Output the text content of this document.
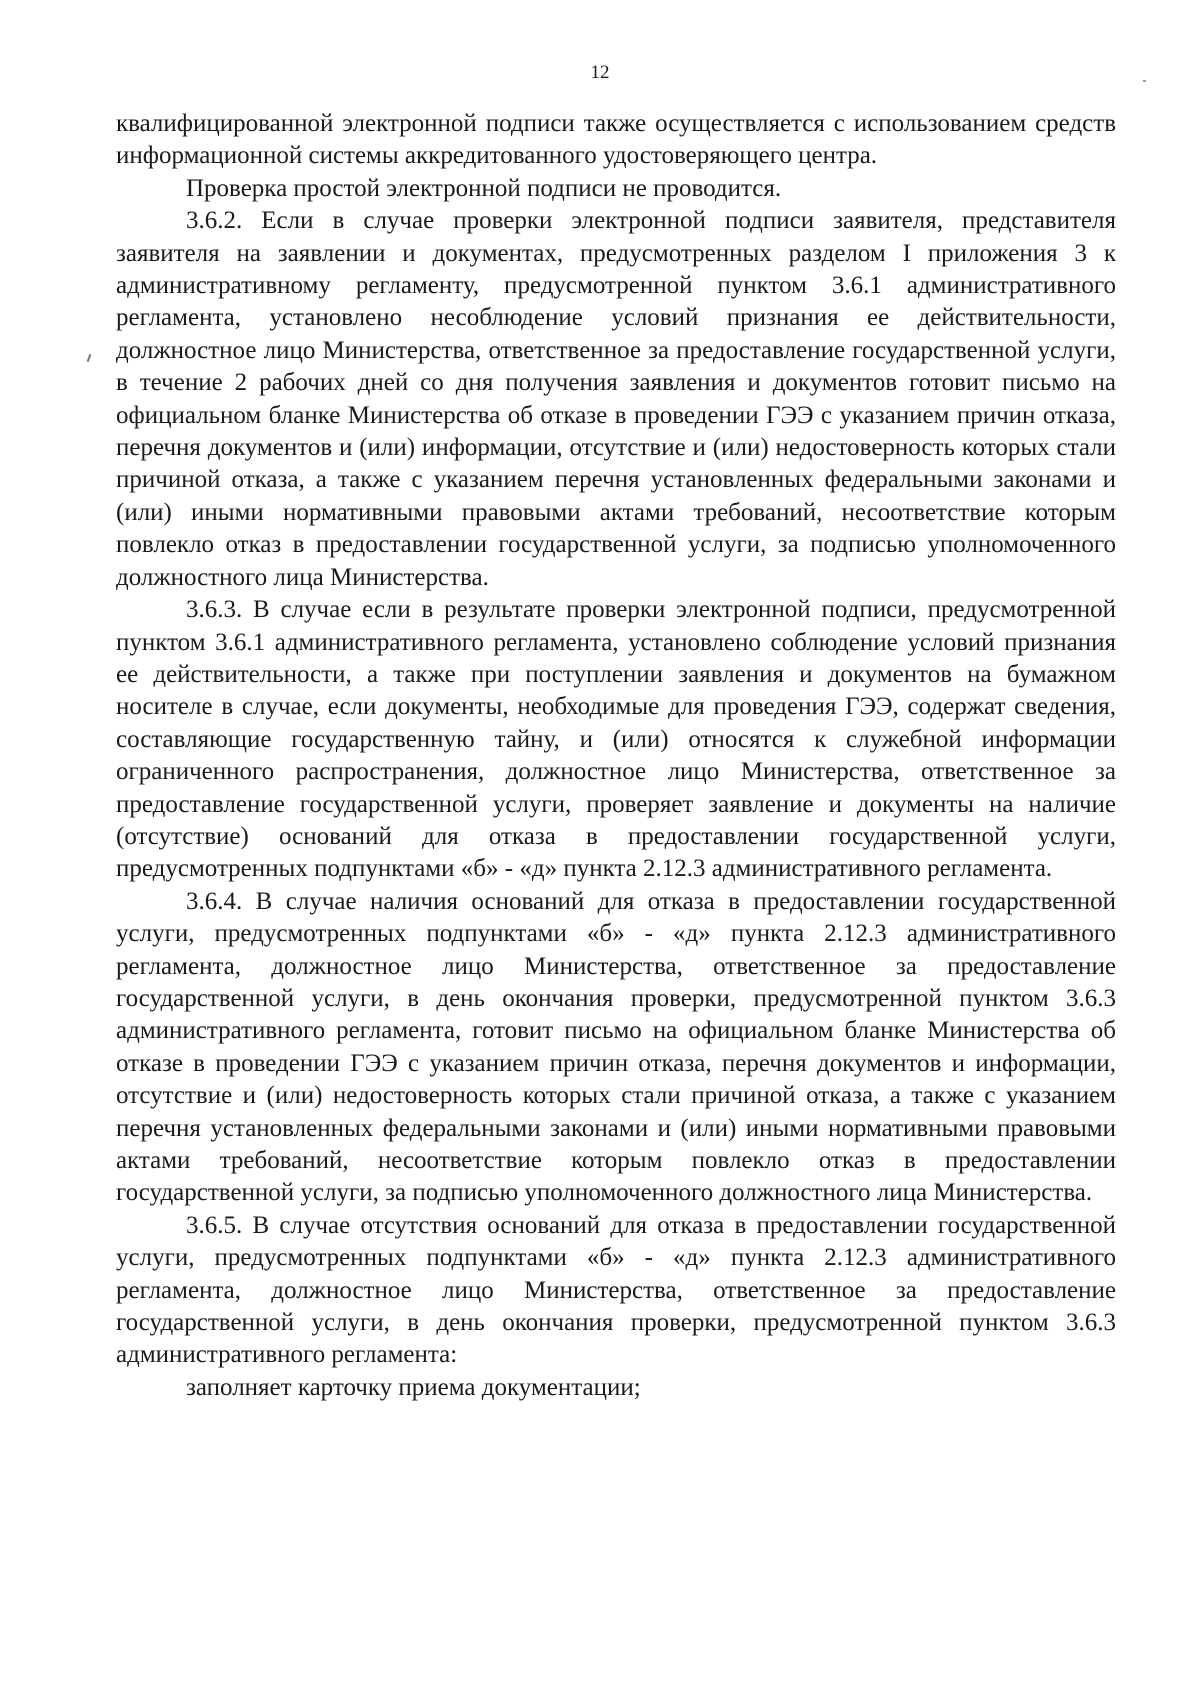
12

квалифицированной электронной подписи также осуществляется с использованием средств информационной системы аккредитованного удостоверяющего центра.

Проверка простой электронной подписи не проводится.

3.6.2. Если в случае проверки электронной подписи заявителя, представителя заявителя на заявлении и документах, предусмотренных разделом I приложения 3 к административному регламенту, предусмотренной пунктом 3.6.1 административного регламента, установлено несоблюдение условий признания ее действительности, должностное лицо Министерства, ответственное за предоставление государственной услуги, в течение 2 рабочих дней со дня получения заявления и документов готовит письмо на официальном бланке Министерства об отказе в проведении ГЭЭ с указанием причин отказа, перечня документов и (или) информации, отсутствие и (или) недостоверность которых стали причиной отказа, а также с указанием перечня установленных федеральными законами и (или) иными нормативными правовыми актами требований, несоответствие которым повлекло отказ в предоставлении государственной услуги, за подписью уполномоченного должностного лица Министерства.

3.6.3. В случае если в результате проверки электронной подписи, предусмотренной пунктом 3.6.1 административного регламента, установлено соблюдение условий признания ее действительности, а также при поступлении заявления и документов на бумажном носителе в случае, если документы, необходимые для проведения ГЭЭ, содержат сведения, составляющие государственную тайну, и (или) относятся к служебной информации ограниченного распространения, должностное лицо Министерства, ответственное за предоставление государственной услуги, проверяет заявление и документы на наличие (отсутствие) оснований для отказа в предоставлении государственной услуги, предусмотренных подпунктами «б» - «д» пункта 2.12.3 административного регламента.

3.6.4. В случае наличия оснований для отказа в предоставлении государственной услуги, предусмотренных подпунктами «б» - «д» пункта 2.12.3 административного регламента, должностное лицо Министерства, ответственное за предоставление государственной услуги, в день окончания проверки, предусмотренной пунктом 3.6.3 административного регламента, готовит письмо на официальном бланке Министерства об отказе в проведении ГЭЭ с указанием причин отказа, перечня документов и информации, отсутствие и (или) недостоверность которых стали причиной отказа, а также с указанием перечня установленных федеральными законами и (или) иными нормативными правовыми актами требований, несоответствие которым повлекло отказ в предоставлении государственной услуги, за подписью уполномоченного должностного лица Министерства.

3.6.5. В случае отсутствия оснований для отказа в предоставлении государственной услуги, предусмотренных подпунктами «б» - «д» пункта 2.12.3 административного регламента, должностное лицо Министерства, ответственное за предоставление государственной услуги, в день окончания проверки, предусмотренной пунктом 3.6.3 административного регламента:

заполняет карточку приема документации;
